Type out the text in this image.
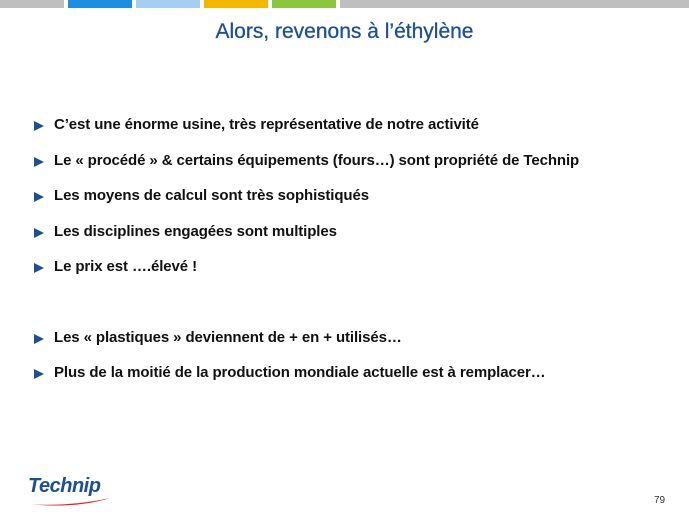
Alors, revenons à l’éthylène
C’est une énorme usine, très représentative de notre activité
Le « procédé » & certains équipements (fours…) sont propriété de Technip
Les moyens de calcul sont très sophistiqués
Les disciplines engagées sont multiples
Le prix est ….élevé !
Les « plastiques » deviennent de + en + utilisés…
Plus de la moitié de la production mondiale actuelle est à remplacer…
Technip
79
